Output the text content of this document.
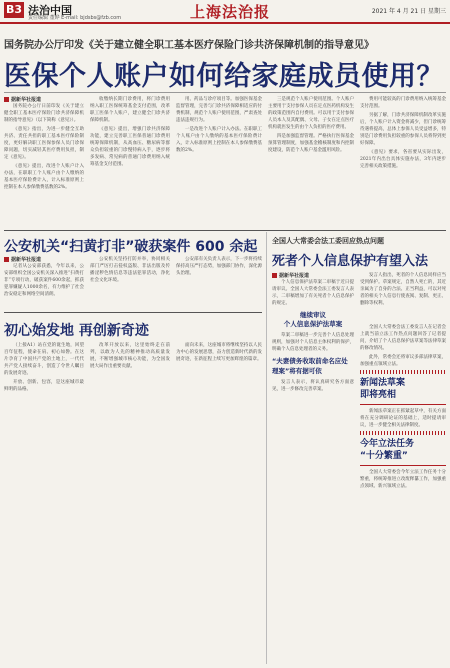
B3 法治中国
责任编辑 董晔 E-mail: bjdsbs@fzb.com	上海法治报	2021 年 4 月 21 日 星期三
国务院办公厅印发《关于建立健全职工基本医疗保险门诊共济保障机制的指导意见》
医保个人账户如何给家庭成员使用？
据新华社报道

国务院办公厅日前印发《关于建立健全职工基本医疗保险门诊共济保障机制的指导意见》（以下简称《意见》）。

《意见》指出，为进一步健全互助共济、责任共担的职工基本医疗保险制度，更好解决职工医保参保人员门诊保障问题，切实减轻其医疗费用负担，制定《意见》。

《意见》提出，改进个人账户计入办法，在职职工个人账户由个人缴纳的基本医疗保险费计入，计入标准原则上控制在本人参保缴费基数的2%。

收缴纳长期门诊费用，将门诊费用纳入职工医保统筹基金支付范围，改革职工医保个人账户，建立健全门诊共济保障机制。

《意见》提出，增强门诊共济保障功能，建立完善职工医保普通门诊费用统筹保障机制，从高血压、糖尿病等群众负担较重的门诊慢特病入手，逐步将多发病、常见病的普通门诊费用纳入统筹基金支付范围。

用、药品与诊疗项目等。加强医保基金监督管理，完善与门诊共济保障相适应的付费机制，规范个人账户使用范围，严肃查处违法违规行为。

一是改进个人账户计入办法。在职职工个人账户由个人缴纳的基本医疗保险费计入，计入标准原则上控制在本人参保缴费基数的2%。

三是规范个人账户使用范围。个人账户主要用于支付参保人员在定点医药机构发生的政策范围内自付费用。可以用于支付参保人员本人及其配偶、父母、子女在定点医疗机构就医发生的由个人负担的医疗费用。

四是加强监督管理。严格执行医保基金预算管理制度，加强基金稽核制度和内控制度建设，防范个人账户基金滥用风险。

费用可能较高的门诊费用纳入统筹基金支付范围。

另据了解，门诊共济保障机制改革实施后，个人账户计入资金将减少，但门诊统筹待遇将提高，总体上参保人员受益增多，特别是门诊费用负担较重的参保人员将得到更好保障。

《意见》要求，各省要从实际出发，2021年内出台具体实施办法，3年内逐步完善相关政策措施。

公安机关“扫黄打非”破获案件 600 余起
据新华社报道

记者从公安部获悉，今年以来，公安部组织全国公安机关深入推进“扫黄打非”专项行动，破获案件600余起，抓获犯罪嫌疑人1000余名，有力维护了社会治安稳定和网络空间清朗。

公安机关坚持打防并举，协同相关部门严厉打击侵权盗版、非法出版及传播淫秽色情信息等违法犯罪活动，净化社会文化环境。

公安部有关负责人表示，下一步将持续保持高压严打态势，加强部门协作，深化源头治理。

初心始发地 再创新奇迹

（上接A1）站在党的诞生地，回望百年征程，使命在肩、初心如磐。在这片孕育了中国共产党的土地上，一代代共产党人接续奋斗，创造了令世人瞩目的发展奇迹。

开放、创新、包容，是这座城市最鲜明的品格。

改革开放以来，这里始终走在前列，以敢为人先的精神推动高质量发展，不断增强城市核心功能，为全国发展大局作出重要贡献。

面向未来，这座城市将继续坚持以人民为中心的发展思想，奋力创造新时代新的发展奇迹，在新征程上续写更加辉煌的篇章。

全国人大常委会法工委回应热点问题
死者个人信息保护有望入法
据新华社报道

个人信息保护法草案二审稿于近日提请审议。全国人大常委会法工委发言人表示，二审稿增加了有关死者个人信息保护的规定。

继续审议
个人信息保护法草案

草案二审稿进一步完善个人信息处理规则，加强对个人信息主体权利的保护，明确个人信息处理者的义务。

“夫妻债务收取前命名应处理案”将有据可依

发言人表示，将认真研究各方面意见，进一步修改完善草案。

发言人指出，死者的个人信息同样应当受到保护。草案规定，自然人死亡的，其近亲属为了自身的合法、正当利益，可以对死者的相关个人信息行使查阅、复制、更正、删除等权利。

全国人大常委会法工委发言人在记者会上就当前立法工作热点问题回答了记者提问，介绍了个人信息保护法草案等法律草案的修改情况。

此外，常委会还将审议多部法律草案，加强重点领域立法。

新闻法草案
即将亮相

新闻法草案正在抓紧起草中，有关方面将在充分调研论证的基础上，适时提请审议，进一步健全相关法律制度。

今年立法任务
“十分繁重”

全国人大常委会今年立法工作任务十分繁重，将统筹推进立改废释纂工作，加强重点领域、新兴领域立法。
